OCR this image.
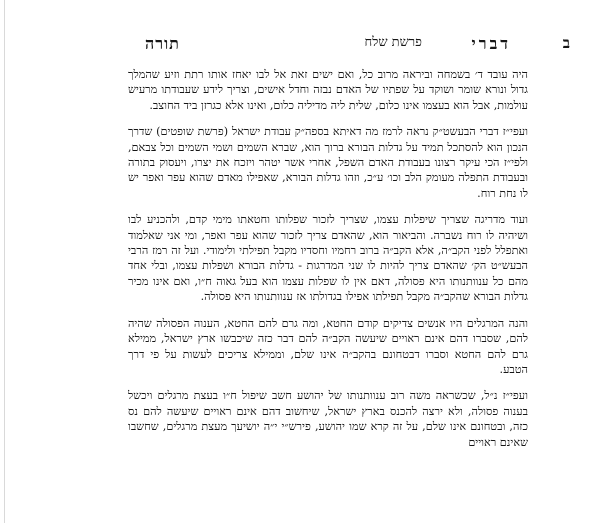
ב
דברי
פרשת שלח
תורה

היה עובד ד׳ בשמחה וביראה מרוב כל, ואם ישים זאת אל לבו יאחז אותו רתת וזיע שהמלך גדול ונורא שומר ושוקד על שפתיו של האדם נבזה וחדל אישים, וצריך לידע שעבודתו מרעיש עולמות, אבל הוא בעצמו אינו כלום, שלית ליה מדיליה כלום, ואינו אלא כגרזן ביד החוצב.

ועפי״ז דברי הבעשט״ק נראה לרמז מה דאיתא בספה״ק עבודת ישראל (פרשת שופטים) שדרך הנכון הוא להסתכל תמיד על גדלות הבורא ברוך הוא, שברא השמים ושמי השמים וכל צבאם, ולפי״ז הכי עיקר רצונו בעבודת האדם השפל, אחרי אשר יטהר ויזכח את יצרו, ויעסוק בתורה ובעבודת התפלה מעומק הלב וכו׳ ע״כ, וזהו גדלות הבורא, שאפילו מאדם שהוא עפר ואפר יש לו נחת רוח.

ועוד מדריגה שצריך שיפלות עצמו, שצריך לזכור שפלותו וחטאתו מימי קדם, ולהכניע לבו ושיהיה לו רוח נשברה. והביאור הוא, שהאדם צריך לזכור שהוא עפר ואפר, ומי אני שאלמוד ואתפלל לפני הקב״ה, אלא הקב״ה ברוב רחמיו וחסדיו מקבל תפילתי ולימודי. ועל זה רמז הרבי הבעש״ט הק׳ שהאדם צריך להיות לו שני המדרגות - גדלות הבורא ושפלות עצמו, ובלי אחד מהם כל ענוותנותו היא פסולה, דאם אין לו שפלות עצמו הוא בעל גאוה ח״ו, ואם אינו מכיר גדלות הבורא שהקב״ה מקבל תפילתו אפילו בגדולתו אז ענוותנותו היא פסולה.

והנה המרגלים היו אנשים צדיקים קודם החטא, ומה גרם להם החטא, הענוה הפסולה שהיה להם, שסברו דהם אינם ראויים שיעשה הקב״ה להם דבר כזה שיכבשו ארץ ישראל, ממילא גרם להם החטא וסברו דבטחונם בהקב״ה אינו שלם, וממילא צריכים לעשות על פי דרך הטבע.

ועפי״ז נ״ל, שכשראה משה רוב ענוותנותו של יהושע חשב שיפול ח״ו בעצת מרגלים ויכשל בענוה פסולה, ולא ירצה להכנס בארץ ישראל, שיחשוב דהם אינם ראויים שיעשה להם נס כזה, ובטחונם אינו שלם, על זה קרא שמו יהושע, פירש״י י״ה יושיעך מעצת מרגלים, שחשבו שאינם ראויים
